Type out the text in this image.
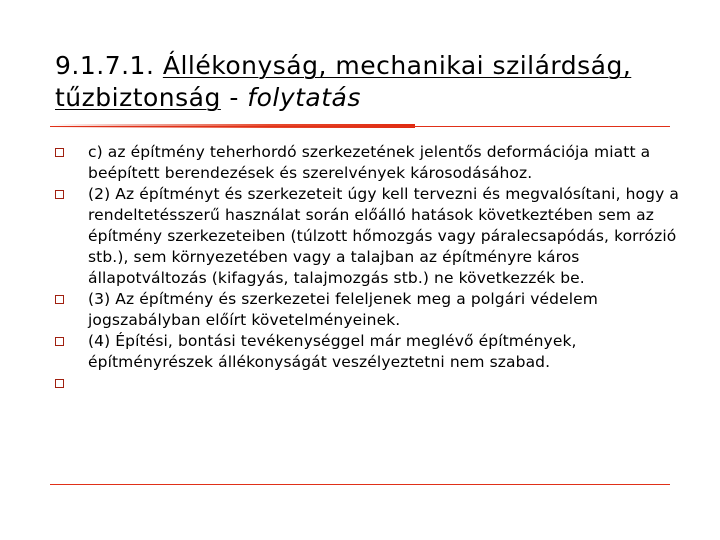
9.1.7.1. Állékonyság, mechanikai szilárdság, tűzbiztonság - folytatás
c) az építmény teherhordó szerkezetének jelentős deformációja miatt a beépített berendezések és szerelvények károsodásához.
(2) Az építményt és szerkezeteit úgy kell tervezni és megvalósítani, hogy a rendeltetésszerű használat során előálló hatások következtében sem az építmény szerkezeteiben (túlzott hőmozgás vagy páralecsapódás, korrózió stb.), sem környezetében vagy a talajban az építményre káros állapotváltozás (kifagyás, talajmozgás stb.) ne következzék be.
(3) Az építmény és szerkezetei feleljenek meg a polgári védelem jogszabályban előírt követelményeinek.
(4) Építési, bontási tevékenységgel már meglévő építmények, építményrészek állékonyságát veszélyeztetni nem szabad.
